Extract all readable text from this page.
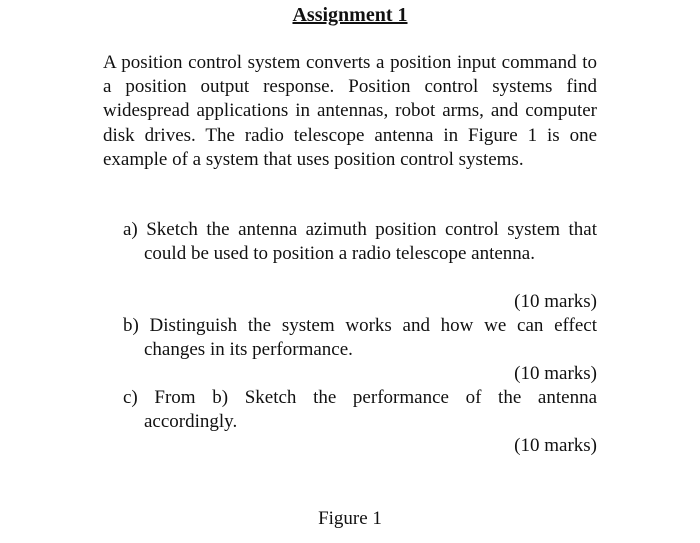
Assignment 1

A position control system converts a position input command to a position output response. Position control systems find widespread applications in antennas, robot arms, and computer disk drives. The radio telescope antenna in Figure 1 is one example of a system that uses position control systems.

a) Sketch the antenna azimuth position control system that could be used to position a radio telescope antenna.

(10 marks)

b) Distinguish the system works and how we can effect changes in its performance.

(10 marks)

c) From b) Sketch the performance of the antenna accordingly.

(10 marks)
Figure 1
